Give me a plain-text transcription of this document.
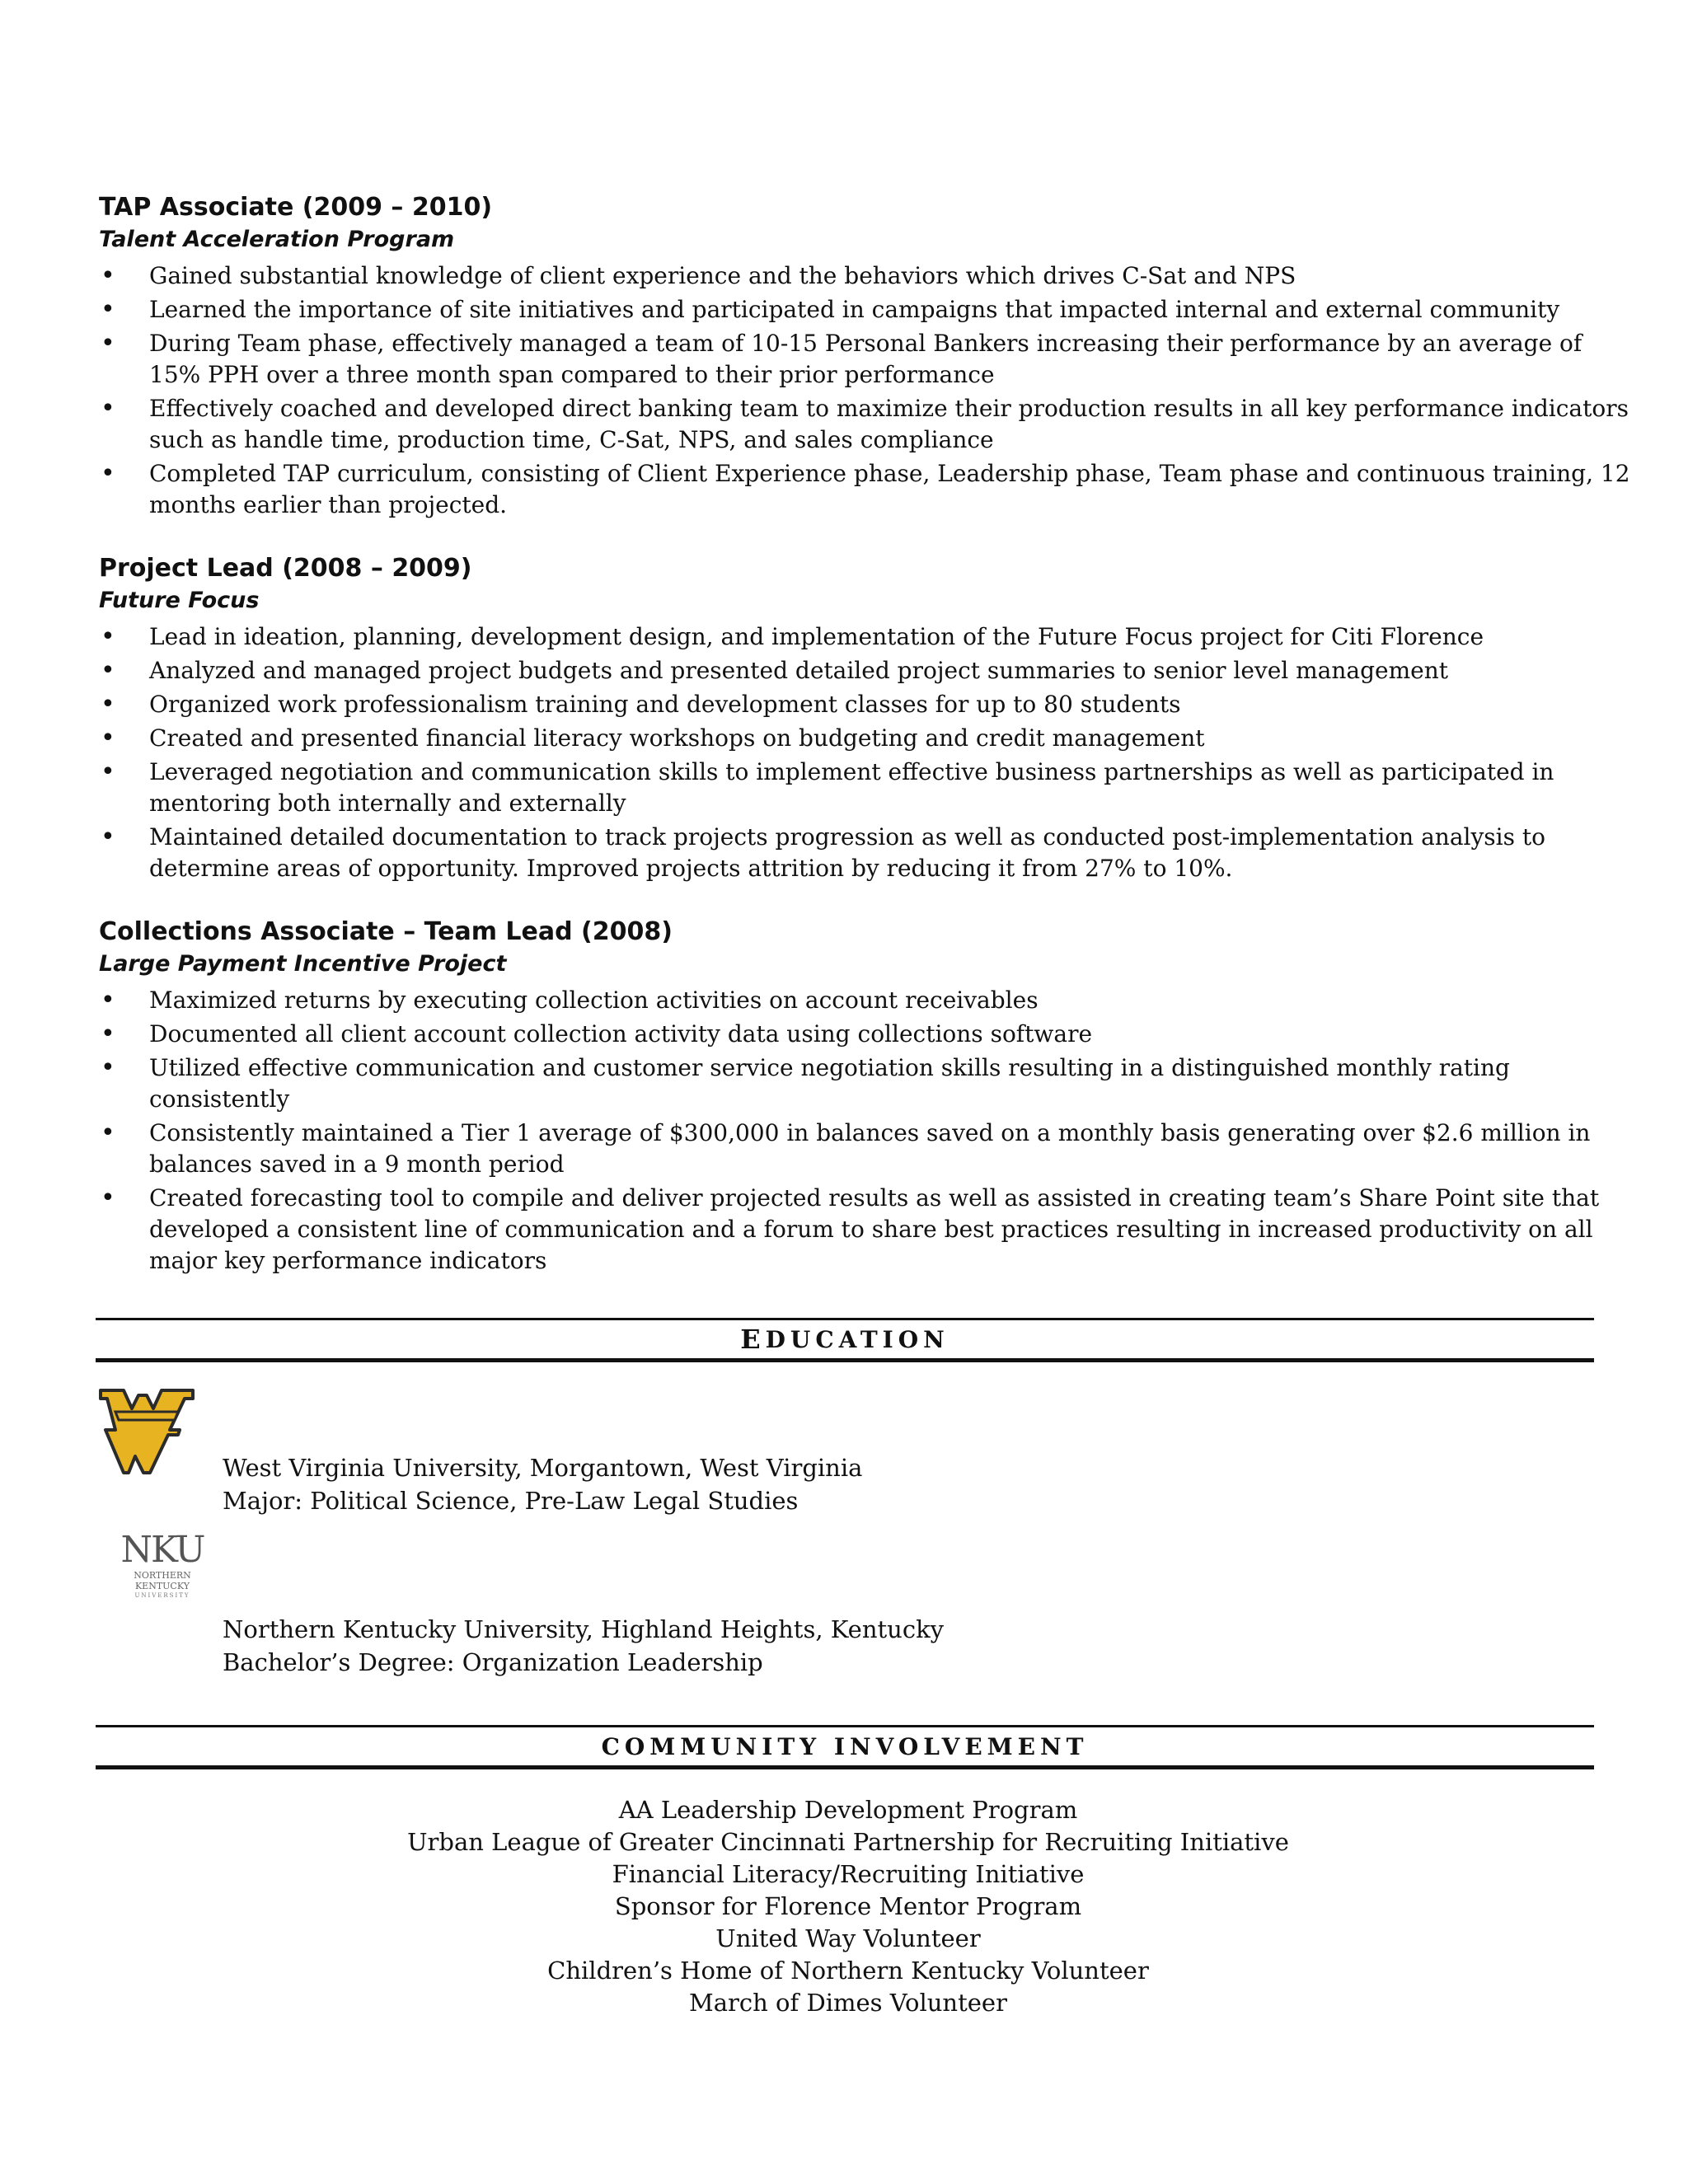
TAP Associate (2009 – 2010)

Talent Acceleration Program

• Gained substantial knowledge of client experience and the behaviors which drives C-Sat and NPS
• Learned the importance of site initiatives and participated in campaigns that impacted internal and external community
• During Team phase, effectively managed a team of 10-15 Personal Bankers increasing their performance by an average of 15% PPH over a three month span compared to their prior performance
• Effectively coached and developed direct banking team to maximize their production results in all key performance indicators such as handle time, production time, C-Sat, NPS, and sales compliance
• Completed TAP curriculum, consisting of Client Experience phase, Leadership phase, Team phase and continuous training, 12 months earlier than projected.

Project Lead (2008 – 2009)

Future Focus

• Lead in ideation, planning, development design, and implementation of the Future Focus project for Citi Florence
• Analyzed and managed project budgets and presented detailed project summaries to senior level management
• Organized work professionalism training and development classes for up to 80 students
• Created and presented financial literacy workshops on budgeting and credit management
• Leveraged negotiation and communication skills to implement effective business partnerships as well as participated in mentoring both internally and externally
• Maintained detailed documentation to track projects progression as well as conducted post-implementation analysis to determine areas of opportunity. Improved projects attrition by reducing it from 27% to 10%.

Collections Associate – Team Lead (2008)

Large Payment Incentive Project

• Maximized returns by executing collection activities on account receivables
• Documented all client account collection activity data using collections software
• Utilized effective communication and customer service negotiation skills resulting in a distinguished monthly rating consistently
• Consistently maintained a Tier 1 average of $300,000 in balances saved on a monthly basis generating over $2.6 million in balances saved in a 9 month period
• Created forecasting tool to compile and deliver projected results as well as assisted in creating team’s Share Point site that developed a consistent line of communication and a forum to share best practices resulting in increased productivity on all major key performance indicators
E DUCATION
West Virginia University, Morgantown, West Virginia
Major: Political Science, Pre-Law Legal Studies
NKU
NORTHERN
KENTUCKY
UNIVERSITY
Northern Kentucky University, Highland Heights, Kentucky
Bachelor’s Degree: Organization Leadership
COMMUNITY INVOLVEMENT
AA Leadership Development Program
Urban League of Greater Cincinnati Partnership for Recruiting Initiative
Financial Literacy/Recruiting Initiative
Sponsor for Florence Mentor Program
United Way Volunteer
Children’s Home of Northern Kentucky Volunteer
March of Dimes Volunteer
